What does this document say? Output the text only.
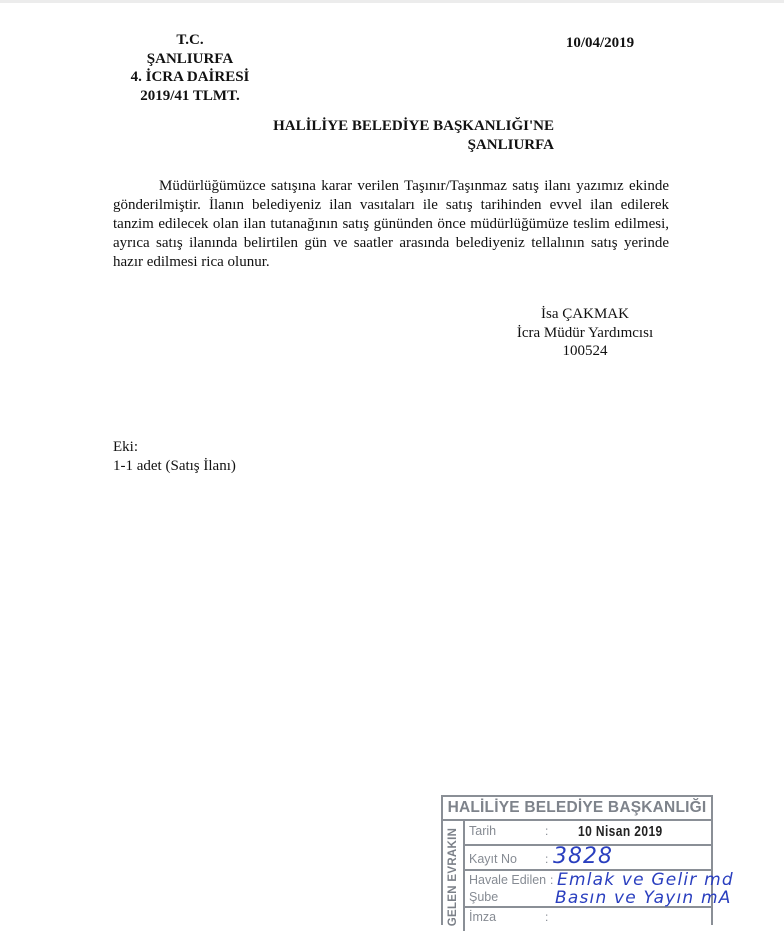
T.C.
ŞANLIURFA
4. İCRA DAİRESİ
2019/41 TLMT.
10/04/2019
HALİLİYE BELEDİYE BAŞKANLIĞI'NE
ŞANLIURFA
Müdürlüğümüzce satışına karar verilen Taşınır/Taşınmaz satış ilanı yazımız ekinde gönderilmiştir. İlanın belediyeniz ilan vasıtaları ile satış tarihinden evvel ilan edilerek tanzim edilecek olan ilan tutanağının satış gününden önce müdürlüğümüze teslim edilmesi, ayrıca satış ilanında belirtilen gün ve saatler arasında belediyeniz tellalının satış yerinde hazır edilmesi rica olunur.
İsa ÇAKMAK
İcra Müdür Yardımcısı
100524
Eki:
1-1 adet (Satış İlanı)
HALİLİYE BELEDİYE BAŞKANLIĞI
GELEN EVRAKIN Tarih	: 10 Nisan 2019
Kayıt No : 3828
Havale Edilen :
Şube
Emlak ve Gelir md
Basın ve Yayın mA
İmza	:
